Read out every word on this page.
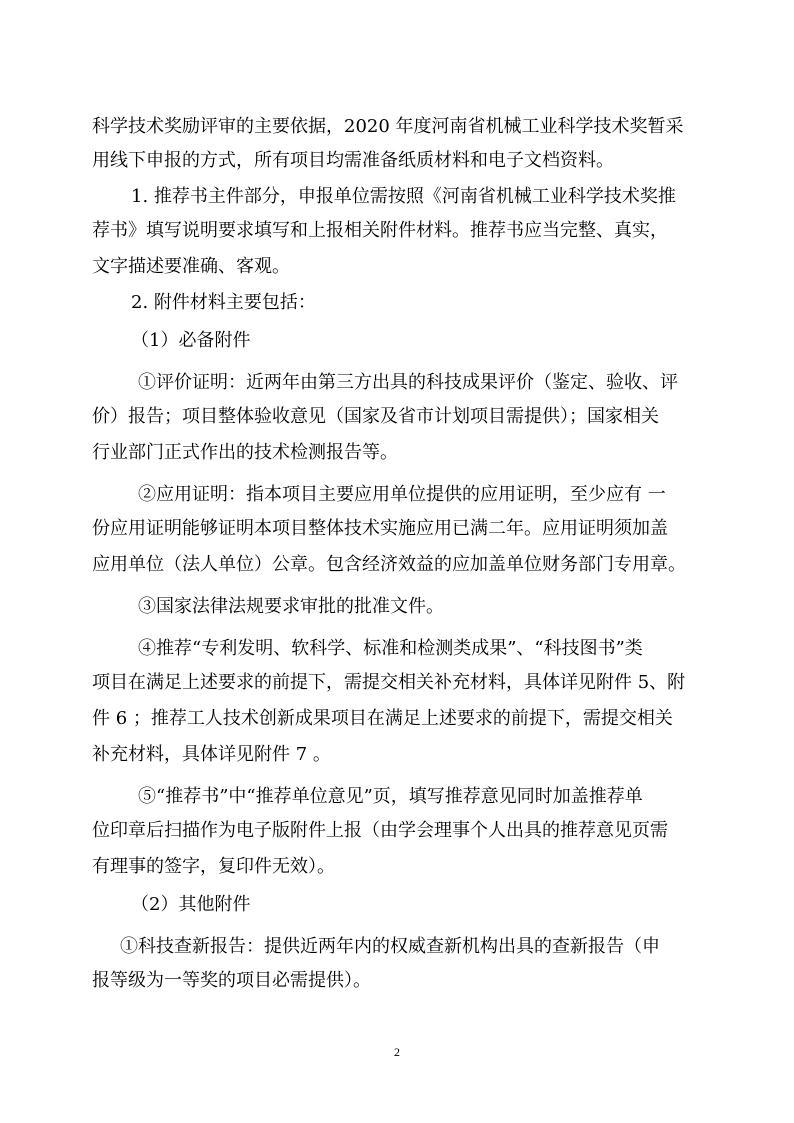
科学技术奖励评审的主要依据，2020 年度河南省机械工业科学技术奖暂采
用线下申报的方式，所有项目均需准备纸质材料和电子文档资料。
1. 推荐书主件部分，申报单位需按照《河南省机械工业科学技术奖推
荐书》填写说明要求填写和上报相关附件材料。推荐书应当完整、真实，
文字描述要准确、客观。
2. 附件材料主要包括：
（1）必备附件
①评价证明：近两年由第三方出具的科技成果评价（鉴定、验收、评
价）报告；项目整体验收意见（国家及省市计划项目需提供）；国家相关
行业部门正式作出的技术检测报告等。
②应用证明：指本项目主要应用单位提供的应用证明，至少应有 一
份应用证明能够证明本项目整体技术实施应用已满二年。应用证明须加盖
应用单位（法人单位）公章。包含经济效益的应加盖单位财务部门专用章。
③国家法律法规要求审批的批准文件。
④推荐“专利发明、软科学、标准和检测类成果”、“科技图书”类
项目在满足上述要求的前提下，需提交相关补充材料，具体详见附件 5、附
件 6 ；推荐工人技术创新成果项目在满足上述要求的前提下，需提交相关
补充材料，具体详见附件 7 。
⑤“推荐书”中“推荐单位意见”页，填写推荐意见同时加盖推荐单
位印章后扫描作为电子版附件上报（由学会理事个人出具的推荐意见页需
有理事的签字，复印件无效）。
（2）其他附件
①科技查新报告：提供近两年内的权威查新机构出具的查新报告（申
报等级为一等奖的项目必需提供）。
2
